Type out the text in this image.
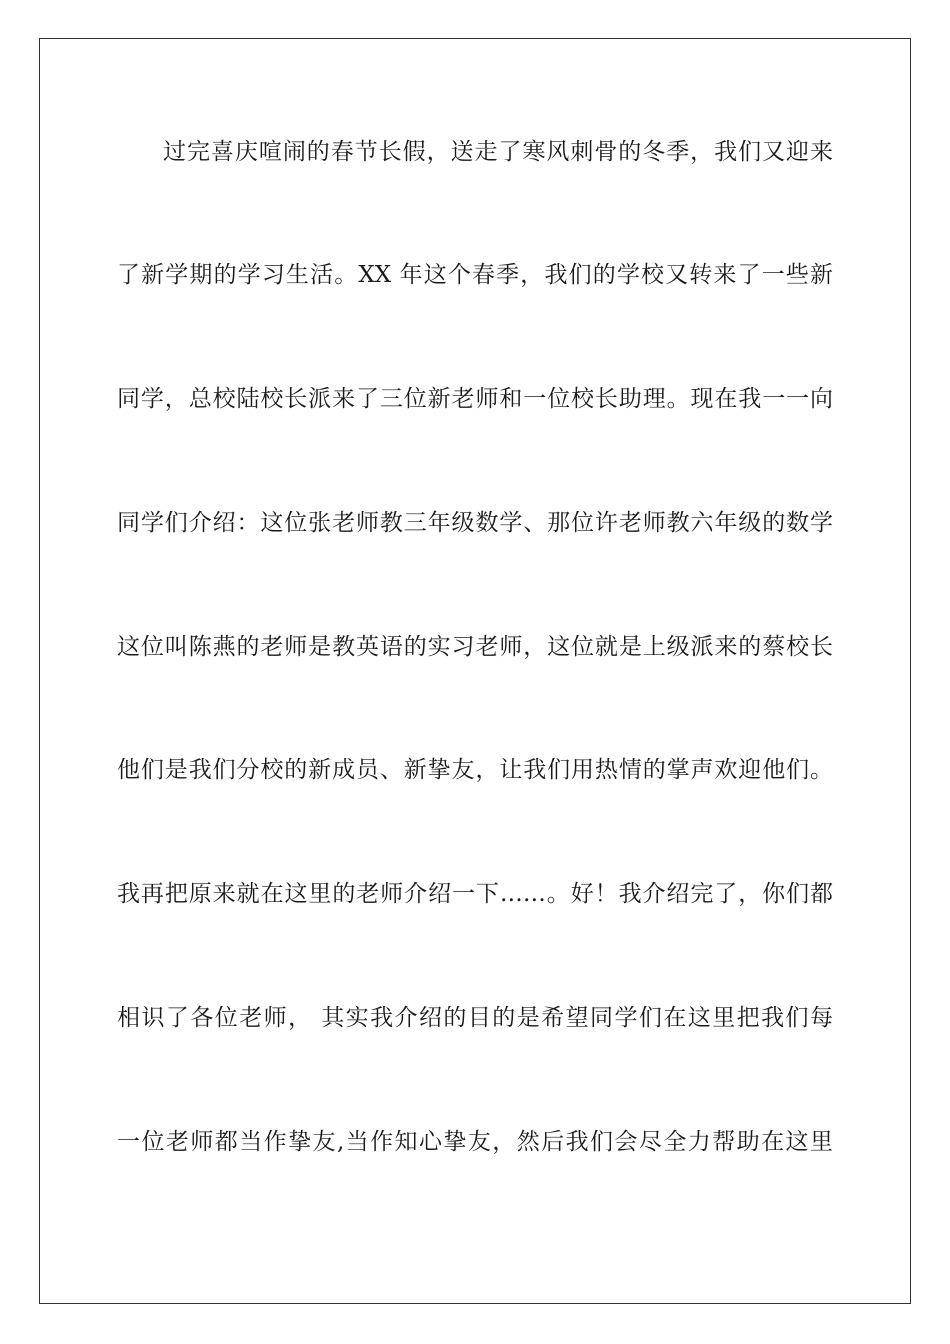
过完喜庆喧闹的春节长假，送走了寒风刺骨的冬季，我们又迎来
了新学期的学习生活。XX 年这个春季，我们的学校又转来了一些新
同学，总校陆校长派来了三位新老师和一位校长助理。现在我一一向
同学们介绍：这位张老师教三年级数学、那位许老师教六年级的数学
这位叫陈燕的老师是教英语的实习老师，这位就是上级派来的蔡校长
他们是我们分校的新成员、新挚友，让我们用热情的掌声欢迎他们。
我再把原来就在这里的老师介绍一下……。好！我介绍完了，你们都
相识了各位老师， 其实我介绍的目的是希望同学们在这里把我们每
一位老师都当作挚友,当作知心挚友，然后我们会尽全力帮助在这里
